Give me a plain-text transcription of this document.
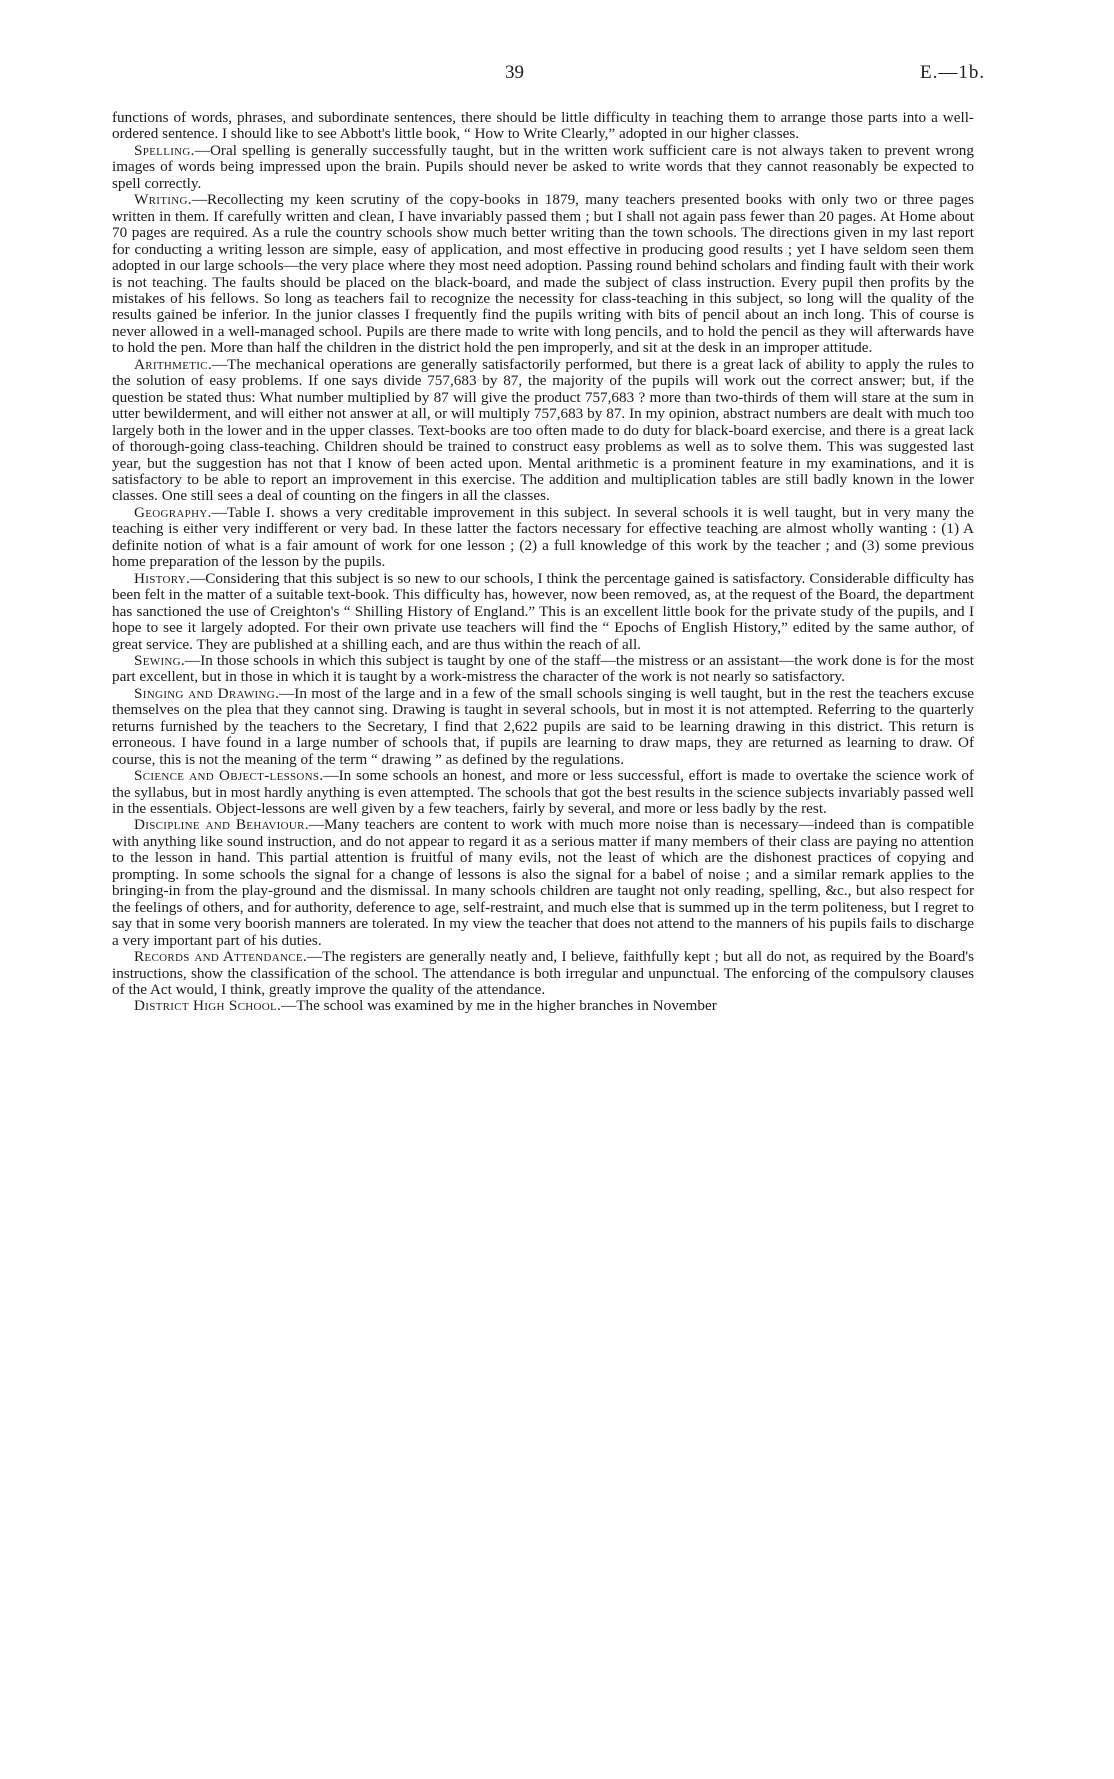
39	E.—1b.

functions of words, phrases, and subordinate sentences, there should be little difficulty in teaching them to arrange those parts into a well-ordered sentence. I should like to see Abbott's little book, “ How to Write Clearly,” adopted in our higher classes.

Spelling.—Oral spelling is generally successfully taught, but in the written work sufficient care is not always taken to prevent wrong images of words being impressed upon the brain. Pupils should never be asked to write words that they cannot reasonably be expected to spell correctly.

Writing.—Recollecting my keen scrutiny of the copy-books in 1879, many teachers presented books with only two or three pages written in them. If carefully written and clean, I have invariably passed them ; but I shall not again pass fewer than 20 pages. At Home about 70 pages are required. As a rule the country schools show much better writing than the town schools. The directions given in my last report for conducting a writing lesson are simple, easy of application, and most effective in producing good results ; yet I have seldom seen them adopted in our large schools—the very place where they most need adoption. Passing round behind scholars and finding fault with their work is not teaching. The faults should be placed on the black-board, and made the subject of class instruction. Every pupil then profits by the mistakes of his fellows. So long as teachers fail to recognize the necessity for class-teaching in this subject, so long will the quality of the results gained be inferior. In the junior classes I frequently find the pupils writing with bits of pencil about an inch long. This of course is never allowed in a well-managed school. Pupils are there made to write with long pencils, and to hold the pencil as they will afterwards have to hold the pen. More than half the children in the district hold the pen improperly, and sit at the desk in an improper attitude.

Arithmetic.—The mechanical operations are generally satisfactorily performed, but there is a great lack of ability to apply the rules to the solution of easy problems. If one says divide 757,683 by 87, the majority of the pupils will work out the correct answer; but, if the question be stated thus: What number multiplied by 87 will give the product 757,683 ? more than two-thirds of them will stare at the sum in utter bewilderment, and will either not answer at all, or will multiply 757,683 by 87. In my opinion, abstract numbers are dealt with much too largely both in the lower and in the upper classes. Text-books are too often made to do duty for black-board exercise, and there is a great lack of thorough-going class-teaching. Children should be trained to construct easy problems as well as to solve them. This was suggested last year, but the suggestion has not that I know of been acted upon. Mental arithmetic is a prominent feature in my examinations, and it is satisfactory to be able to report an improvement in this exercise. The addition and multiplication tables are still badly known in the lower classes. One still sees a deal of counting on the fingers in all the classes.

Geography.—Table I. shows a very creditable improvement in this subject. In several schools it is well taught, but in very many the teaching is either very indifferent or very bad. In these latter the factors necessary for effective teaching are almost wholly wanting : (1) A definite notion of what is a fair amount of work for one lesson ; (2) a full knowledge of this work by the teacher ; and (3) some previous home preparation of the lesson by the pupils.

History.—Considering that this subject is so new to our schools, I think the percentage gained is satisfactory. Considerable difficulty has been felt in the matter of a suitable text-book. This difficulty has, however, now been removed, as, at the request of the Board, the department has sanctioned the use of Creighton's “ Shilling History of England.” This is an excellent little book for the private study of the pupils, and I hope to see it largely adopted. For their own private use teachers will find the “ Epochs of English History,” edited by the same author, of great service. They are published at a shilling each, and are thus within the reach of all.

Sewing.—In those schools in which this subject is taught by one of the staff—the mistress or an assistant—the work done is for the most part excellent, but in those in which it is taught by a work-mistress the character of the work is not nearly so satisfactory.

Singing and Drawing.—In most of the large and in a few of the small schools singing is well taught, but in the rest the teachers excuse themselves on the plea that they cannot sing. Drawing is taught in several schools, but in most it is not attempted. Referring to the quarterly returns furnished by the teachers to the Secretary, I find that 2,622 pupils are said to be learning drawing in this district. This return is erroneous. I have found in a large number of schools that, if pupils are learning to draw maps, they are returned as learning to draw. Of course, this is not the meaning of the term “ drawing ” as defined by the regulations.

Science and Object-lessons.—In some schools an honest, and more or less successful, effort is made to overtake the science work of the syllabus, but in most hardly anything is even attempted. The schools that got the best results in the science subjects invariably passed well in the essentials. Object-lessons are well given by a few teachers, fairly by several, and more or less badly by the rest.

Discipline and Behaviour.—Many teachers are content to work with much more noise than is necessary—indeed than is compatible with anything like sound instruction, and do not appear to regard it as a serious matter if many members of their class are paying no attention to the lesson in hand. This partial attention is fruitful of many evils, not the least of which are the dishonest practices of copying and prompting. In some schools the signal for a change of lessons is also the signal for a babel of noise ; and a similar remark applies to the bringing-in from the play-ground and the dismissal. In many schools children are taught not only reading, spelling, &c., but also respect for the feelings of others, and for authority, deference to age, self-restraint, and much else that is summed up in the term politeness, but I regret to say that in some very boorish manners are tolerated. In my view the teacher that does not attend to the manners of his pupils fails to discharge a very important part of his duties.

Records and Attendance.—The registers are generally neatly and, I believe, faithfully kept ; but all do not, as required by the Board's instructions, show the classification of the school. The attendance is both irregular and unpunctual. The enforcing of the compulsory clauses of the Act would, I think, greatly improve the quality of the attendance.

District High School.—The school was examined by me in the higher branches in November
